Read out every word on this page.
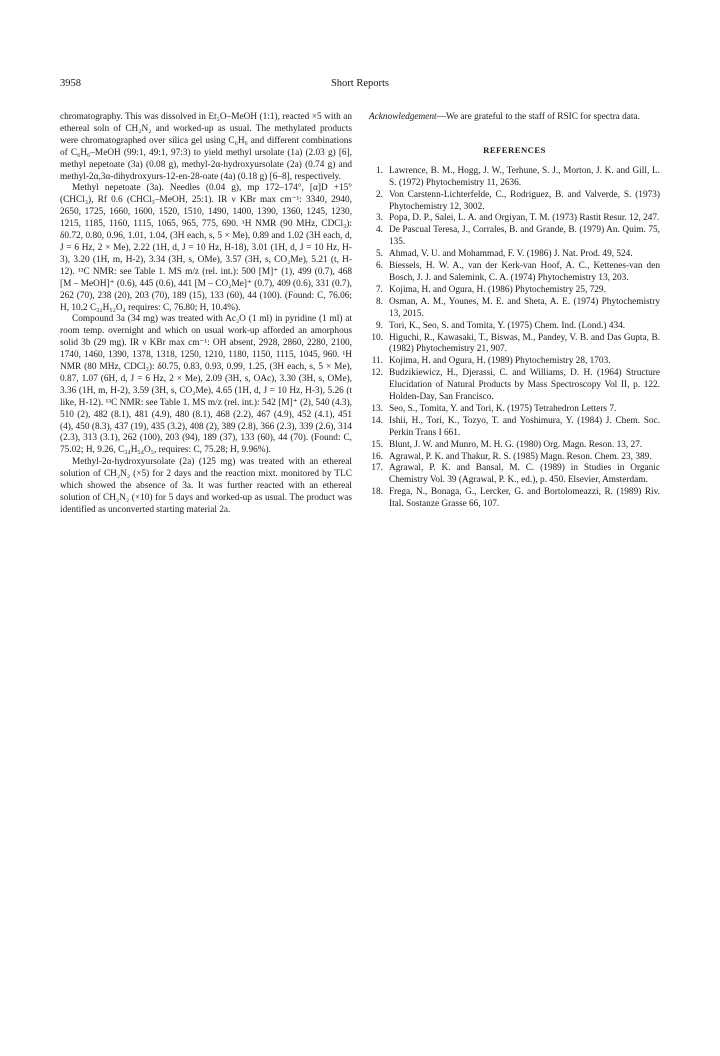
3958	Short Reports

chromatography. This was dissolved in Et₂O–MeOH (1:1), reacted ×5 with an ethereal soln of CH₂N₂ and worked-up as usual. The methylated products were chromatographed over silica gel using C₆H₆ and different combinations of C₆H₆–MeOH (99:1, 49:1, 97:3) to yield methyl ursolate (1a) (2.03 g) [6], methyl nepetoate (3a) (0.08 g), methyl-2α-hydroxyursolate (2a) (0.74 g) and methyl-2α,3α-dihydroxyurs-12-en-28-oate (4a) (0.18 g) [6–8], respectively.

Methyl nepetoate (3a). Needles (0.04 g), mp 172–174°, [α]D +15° (CHCl₃), Rf 0.6 (CHCl₃–MeOH, 25:1). IR ν KBr max cm⁻¹: 3340, 2940, 2650, 1725, 1660, 1600, 1520, 1510, 1490, 1400, 1390, 1360, 1245, 1230, 1215, 1185, 1160, 1115, 1065, 965, 775, 690. ¹H NMR (90 MHz, CDCl₃): δ0.72, 0.80, 0.96, 1.01, 1.04, (3H each, s, 5 × Me), 0.89 and 1.02 (3H each, d, J = 6 Hz, 2 × Me), 2.22 (1H, d, J = 10 Hz, H-18), 3.01 (1H, d, J = 10 Hz, H-3), 3.20 (1H, m, H-2), 3.34 (3H, s, OMe), 3.57 (3H, s, CO₂Me), 5.21 (t, H-12). ¹³C NMR: see Table 1. MS m/z (rel. int.): 500 [M]⁺ (1), 499 (0.7), 468 [M – MeOH]⁺ (0.6), 445 (0.6), 441 [M – CO₂Me]⁺ (0.7), 409 (0.6), 331 (0.7), 262 (70), 238 (20), 203 (70), 189 (15), 133 (60), 44 (100). (Found: C, 76.06; H, 10.2 C₃₂H₅₂O₄ requires: C, 76.80; H, 10.4%).

Compound 3a (34 mg) was treated with Ac₂O (1 ml) in pyridine (1 ml) at room temp. overnight and which on usual work-up afforded an amorphous solid 3b (29 mg). IR ν KBr max cm⁻¹: OH absent, 2928, 2860, 2280, 2100, 1740, 1460, 1390, 1378, 1318, 1250, 1210, 1180, 1150, 1115, 1045, 960. ¹H NMR (80 MHz, CDCl₃): δ0.75, 0.83, 0.93, 0.99, 1.25, (3H each, s, 5 × Me), 0.87, 1.07 (6H, d, J = 6 Hz, 2 × Me), 2.09 (3H, s, OAc), 3.30 (3H, s, OMe), 3.36 (1H, m, H-2), 3.59 (3H, s, CO₂Me), 4.65 (1H, d, J = 10 Hz, H-3), 5.26 (t like, H-12). ¹³C NMR: see Table 1. MS m/z (rel. int.): 542 [M]⁺ (2), 540 (4.3), 510 (2), 482 (8.1), 481 (4.9), 480 (8.1), 468 (2.2), 467 (4.9), 452 (4.1), 451 (4), 450 (8.3), 437 (19), 435 (3.2), 408 (2), 389 (2.8), 366 (2.3), 339 (2.6), 314 (2.3), 313 (3.1), 262 (100), 203 (94), 189 (37), 133 (60), 44 (70). (Found: C, 75.02; H, 9.26, C₃₄H₅₄O₅, requires: C, 75.28; H, 9.96%).

Methyl-2α-hydroxyursolate (2a) (125 mg) was treated with an ethereal solution of CH₂N₂ (×5) for 2 days and the reaction mixt. monitored by TLC which showed the absence of 3a. It was further reacted with an ethereal solution of CH₂N₂ (×10) for 5 days and worked-up as usual. The product was identified as unconverted starting material 2a.

Acknowledgement—We are grateful to the staff of RSIC for spectra data.

REFERENCES
1. Lawrence, B. M., Hogg, J. W., Terhune, S. J., Morton, J. K. and Gill, L. S. (1972) Phytochemistry 11, 2636.
2. Von Carstenn-Lichterfelde, C., Rodriguez, B. and Valverde, S. (1973) Phytochemistry 12, 3002.
3. Popa, D. P., Salei, L. A. and Orgiyan, T. M. (1973) Rastit Resur. 12, 247.
4. De Pascual Teresa, J., Corrales, B. and Grande, B. (1979) An. Quim. 75, 135.
5. Ahmad, V. U. and Mohammad, F. V. (1986) J. Nat. Prod. 49, 524.
6. Biessels, H. W. A., van der Kerk-van Hoof, A. C., Kettenes-van den Bosch, J. J. and Salemink, C. A. (1974) Phytochemistry 13, 203.
7. Kojima, H. and Ogura, H. (1986) Phytochemistry 25, 729.
8. Osman, A. M., Younes, M. E. and Sheta, A. E. (1974) Phytochemistry 13, 2015.
9. Tori, K., Seo, S. and Tomita, Y. (1975) Chem. Ind. (Lond.) 434.
10. Higuchi, R., Kawasaki, T., Biswas, M., Pandey, V. B. and Das Gupta, B. (1982) Phytochemistry 21, 907.
11. Kojima, H. and Ogura, H. (1989) Phytochemistry 28, 1703.
12. Budzikiewicz, H., Djerassi, C. and Williams, D. H. (1964) Structure Elucidation of Natural Products by Mass Spectroscopy Vol II, p. 122. Holden-Day, San Francisco.
13. Seo, S., Tomita, Y. and Tori, K. (1975) Tetrahedron Letters 7.
14. Ishii, H., Tori, K., Tozyo, T. and Yoshimura, Y. (1984) J. Chem. Soc. Perkin Trans I 661.
15. Blunt, J. W. and Munro, M. H. G. (1980) Org. Magn. Reson. 13, 27.
16. Agrawal, P. K. and Thakur, R. S. (1985) Magn. Reson. Chem. 23, 389.
17. Agrawal, P. K. and Bansal, M. C. (1989) in Studies in Organic Chemistry Vol. 39 (Agrawal, P. K., ed.), p. 450. Elsevier, Amsterdam.
18. Frega, N., Bonaga, G., Lercker, G. and Bortolomeazzi, R. (1989) Riv. Ital. Sostanze Grasse 66, 107.
